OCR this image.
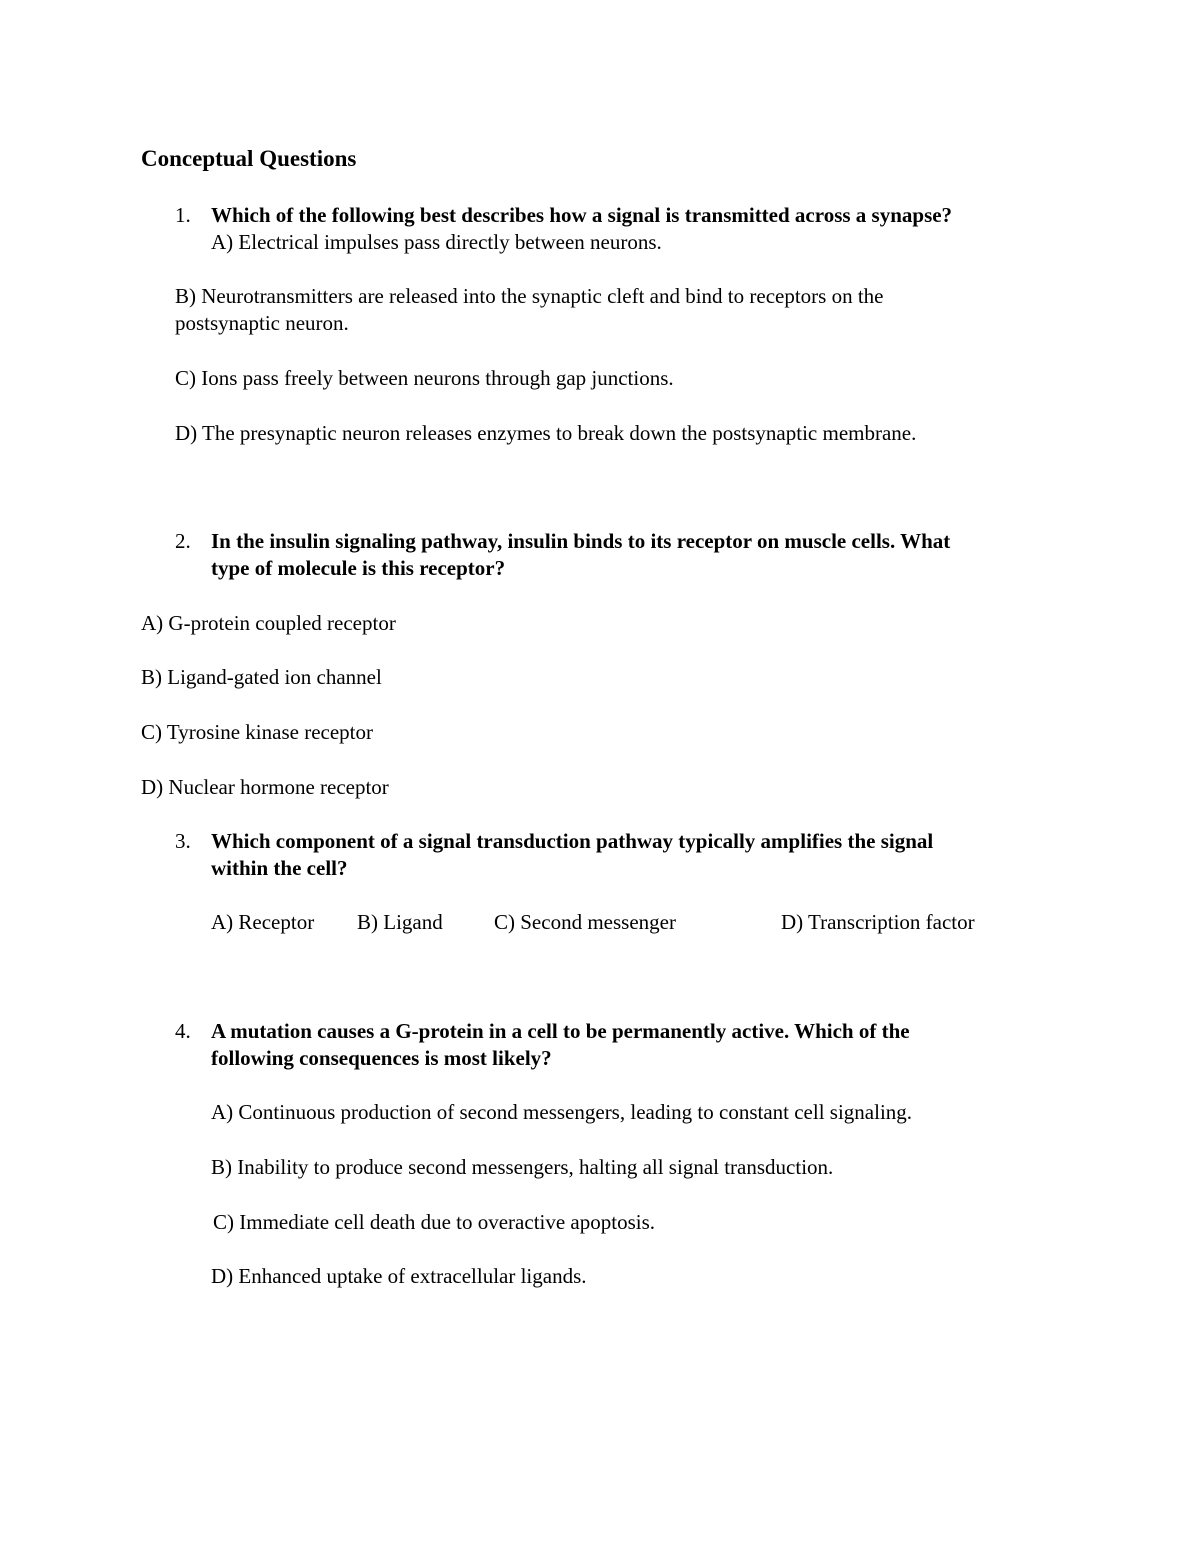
Conceptual Questions
1. Which of the following best describes how a signal is transmitted across a synapse?
A) Electrical impulses pass directly between neurons.
B) Neurotransmitters are released into the synaptic cleft and bind to receptors on the
postsynaptic neuron.
C) Ions pass freely between neurons through gap junctions.
D) The presynaptic neuron releases enzymes to break down the postsynaptic membrane.
2. In the insulin signaling pathway, insulin binds to its receptor on muscle cells. What
type of molecule is this receptor?
A) G-protein coupled receptor
B) Ligand-gated ion channel
C) Tyrosine kinase receptor
D) Nuclear hormone receptor
3. Which component of a signal transduction pathway typically amplifies the signal
within the cell?
A) Receptor B) Ligand C) Second messenger	D) Transcription factor
4. A mutation causes a G-protein in a cell to be permanently active. Which of the
following consequences is most likely?
A) Continuous production of second messengers, leading to constant cell signaling.
B) Inability to produce second messengers, halting all signal transduction.
C) Immediate cell death due to overactive apoptosis.
D) Enhanced uptake of extracellular ligands.
